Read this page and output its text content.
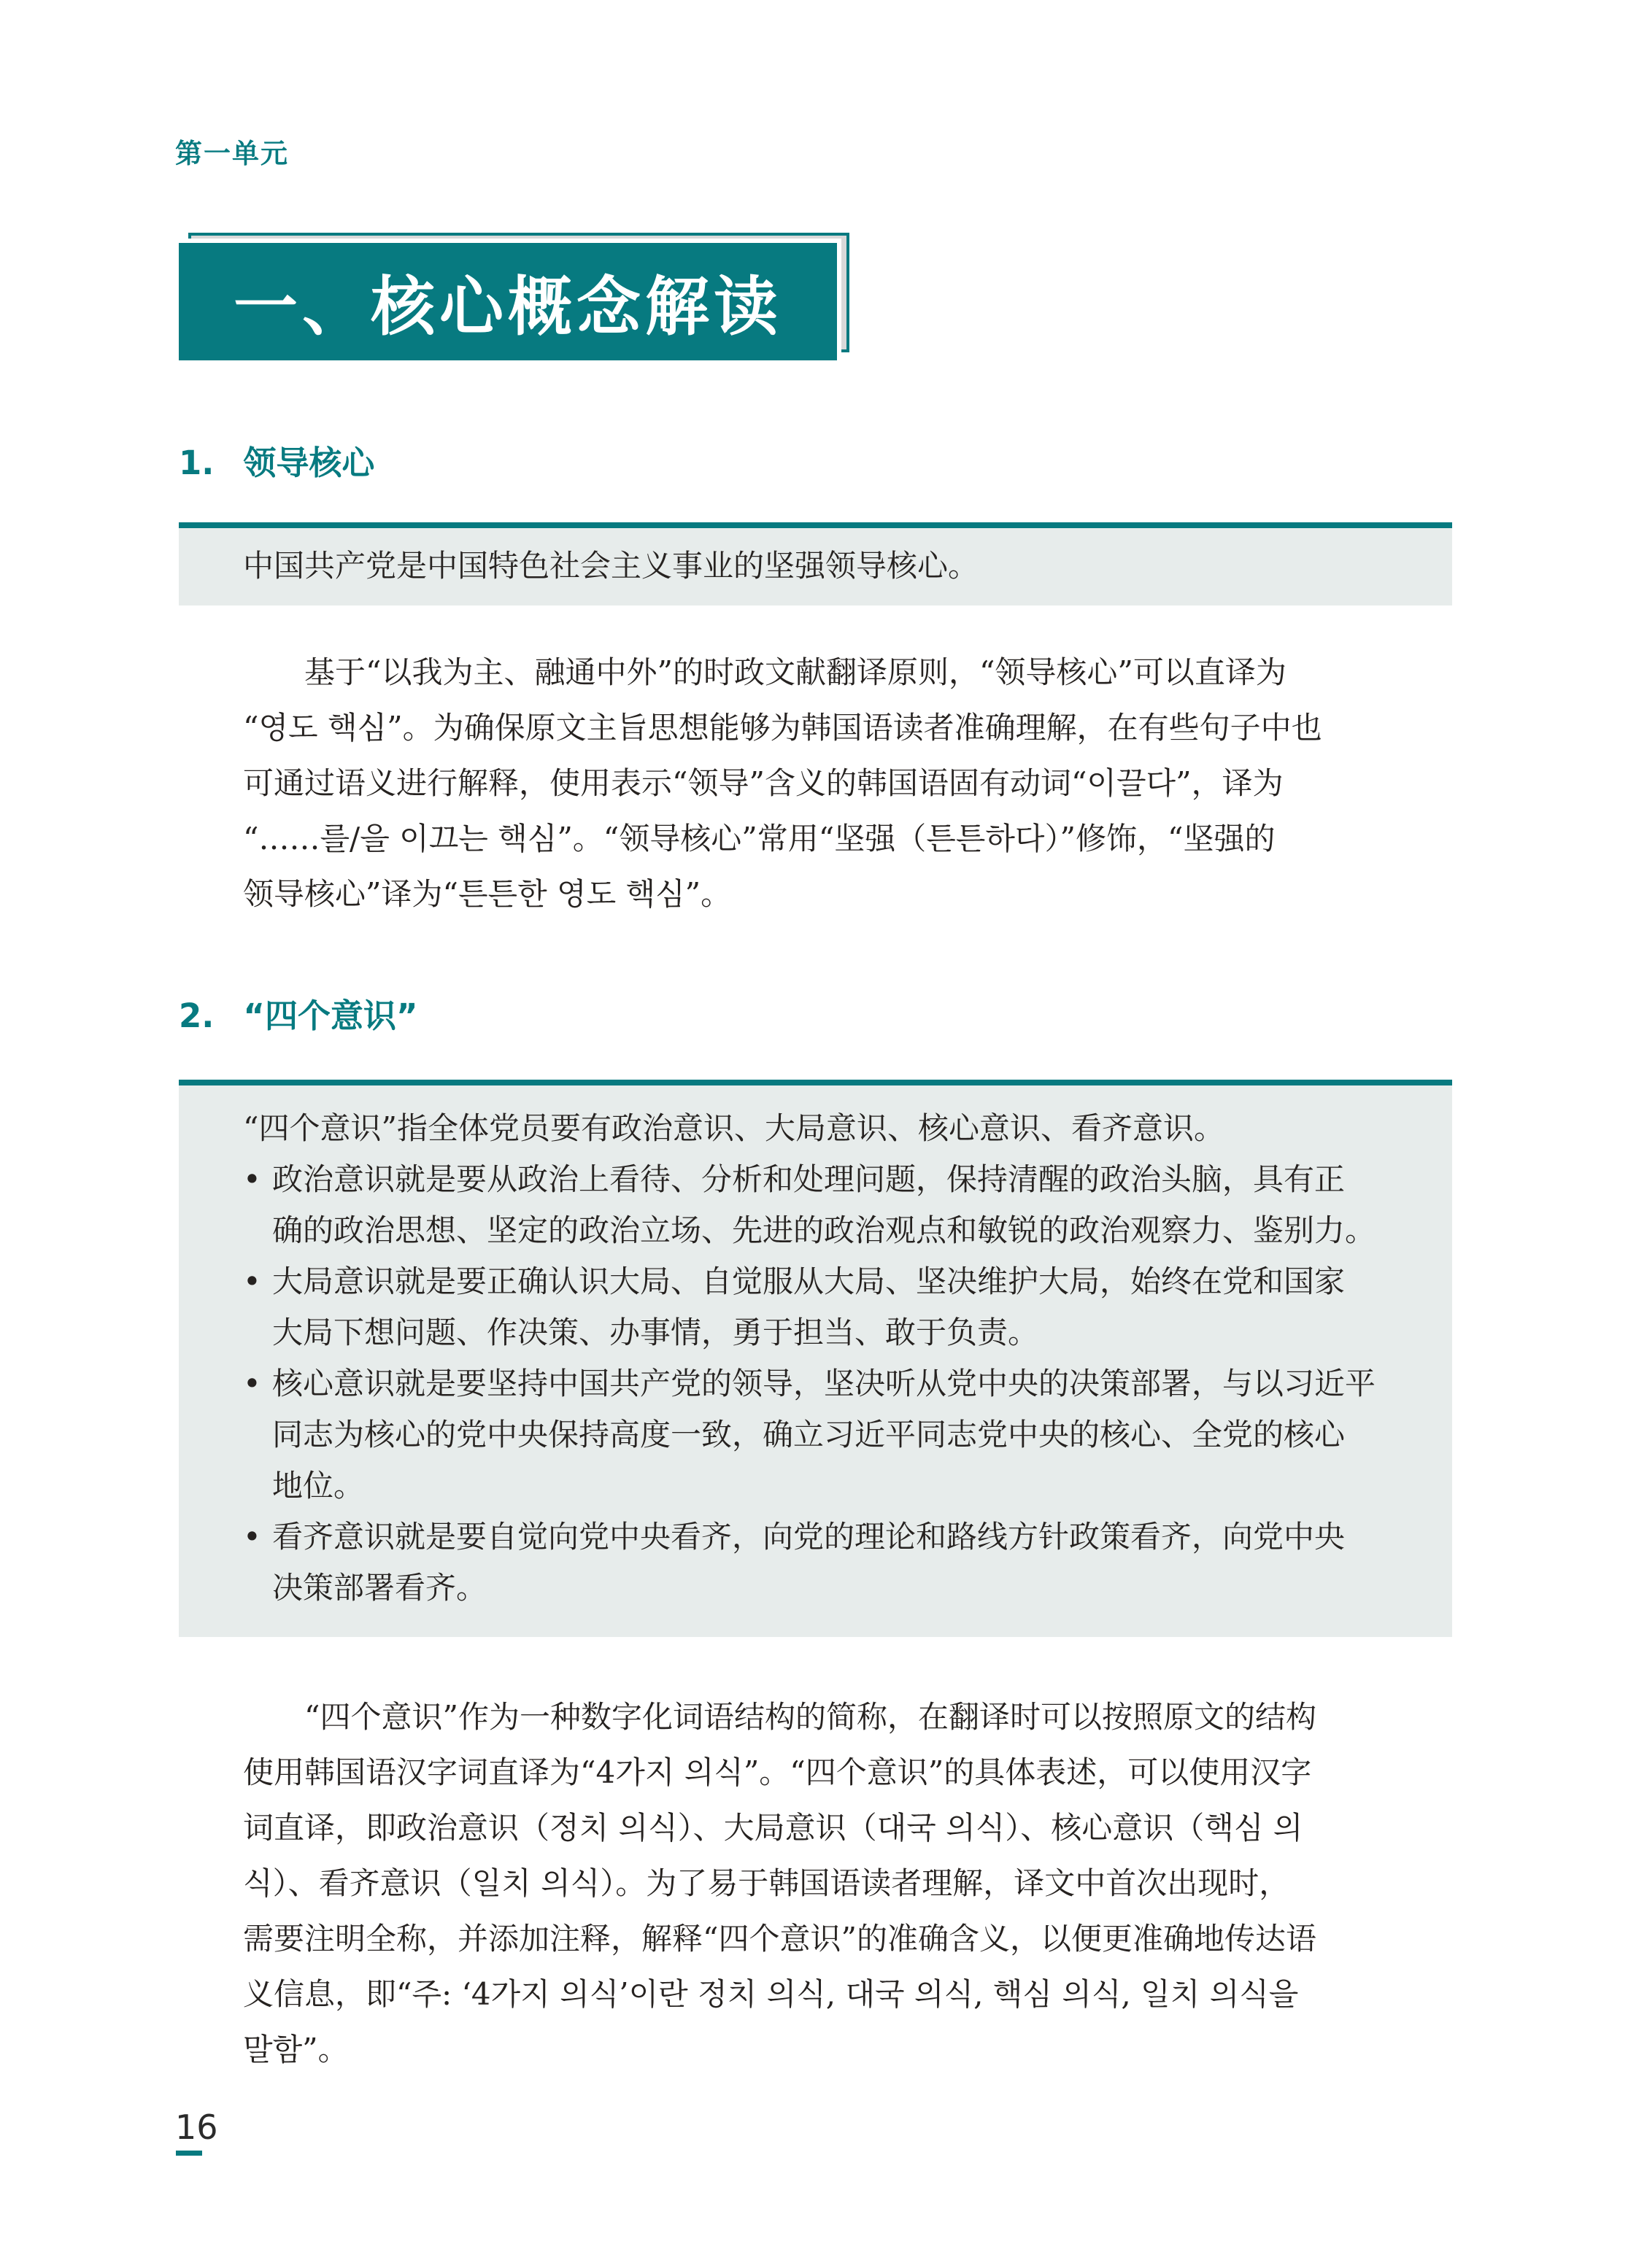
第一单元
一、核心概念解读
1. 领导核心
中国共产党是中国特色社会主义事业的坚强领导核心。
基于“以我为主、融通中外”的时政文献翻译原则，“领导核心”可以直译为
“영도 핵심”。为确保原文主旨思想能够为韩国语读者准确理解，在有些句子中也
可通过语义进行解释，使用表示“领导”含义的韩国语固有动词“이끌다”，译为
“……를/을 이끄는 핵심”。“领导核心”常用“坚强（튼튼하다）”修饰，“坚强的
领导核心”译为“튼튼한 영도 핵심”。
2. “四个意识”
“四个意识”指全体党员要有政治意识、大局意识、核心意识、看齐意识。
• 政治意识就是要从政治上看待、分析和处理问题，保持清醒的政治头脑，具有正
确的政治思想、坚定的政治立场、先进的政治观点和敏锐的政治观察力、鉴别力。
• 大局意识就是要正确认识大局、自觉服从大局、坚决维护大局，始终在党和国家
大局下想问题、作决策、办事情，勇于担当、敢于负责。
• 核心意识就是要坚持中国共产党的领导，坚决听从党中央的决策部署，与以习近平
同志为核心的党中央保持高度一致，确立习近平同志党中央的核心、全党的核心
地位。
• 看齐意识就是要自觉向党中央看齐，向党的理论和路线方针政策看齐，向党中央
决策部署看齐。
“四个意识”作为一种数字化词语结构的简称，在翻译时可以按照原文的结构
使用韩国语汉字词直译为“4가지 의식”。“四个意识”的具体表述，可以使用汉字
词直译，即政治意识（정치 의식）、大局意识（대국 의식）、核心意识（핵심 의
식）、看齐意识（일치 의식）。为了易于韩国语读者理解，译文中首次出现时，
需要注明全称，并添加注释，解释“四个意识”的准确含义，以便更准确地传达语
义信息，即“주: ‘4가지 의식’이란 정치 의식, 대국 의식, 핵심 의식, 일치 의식을
말함”。
16
